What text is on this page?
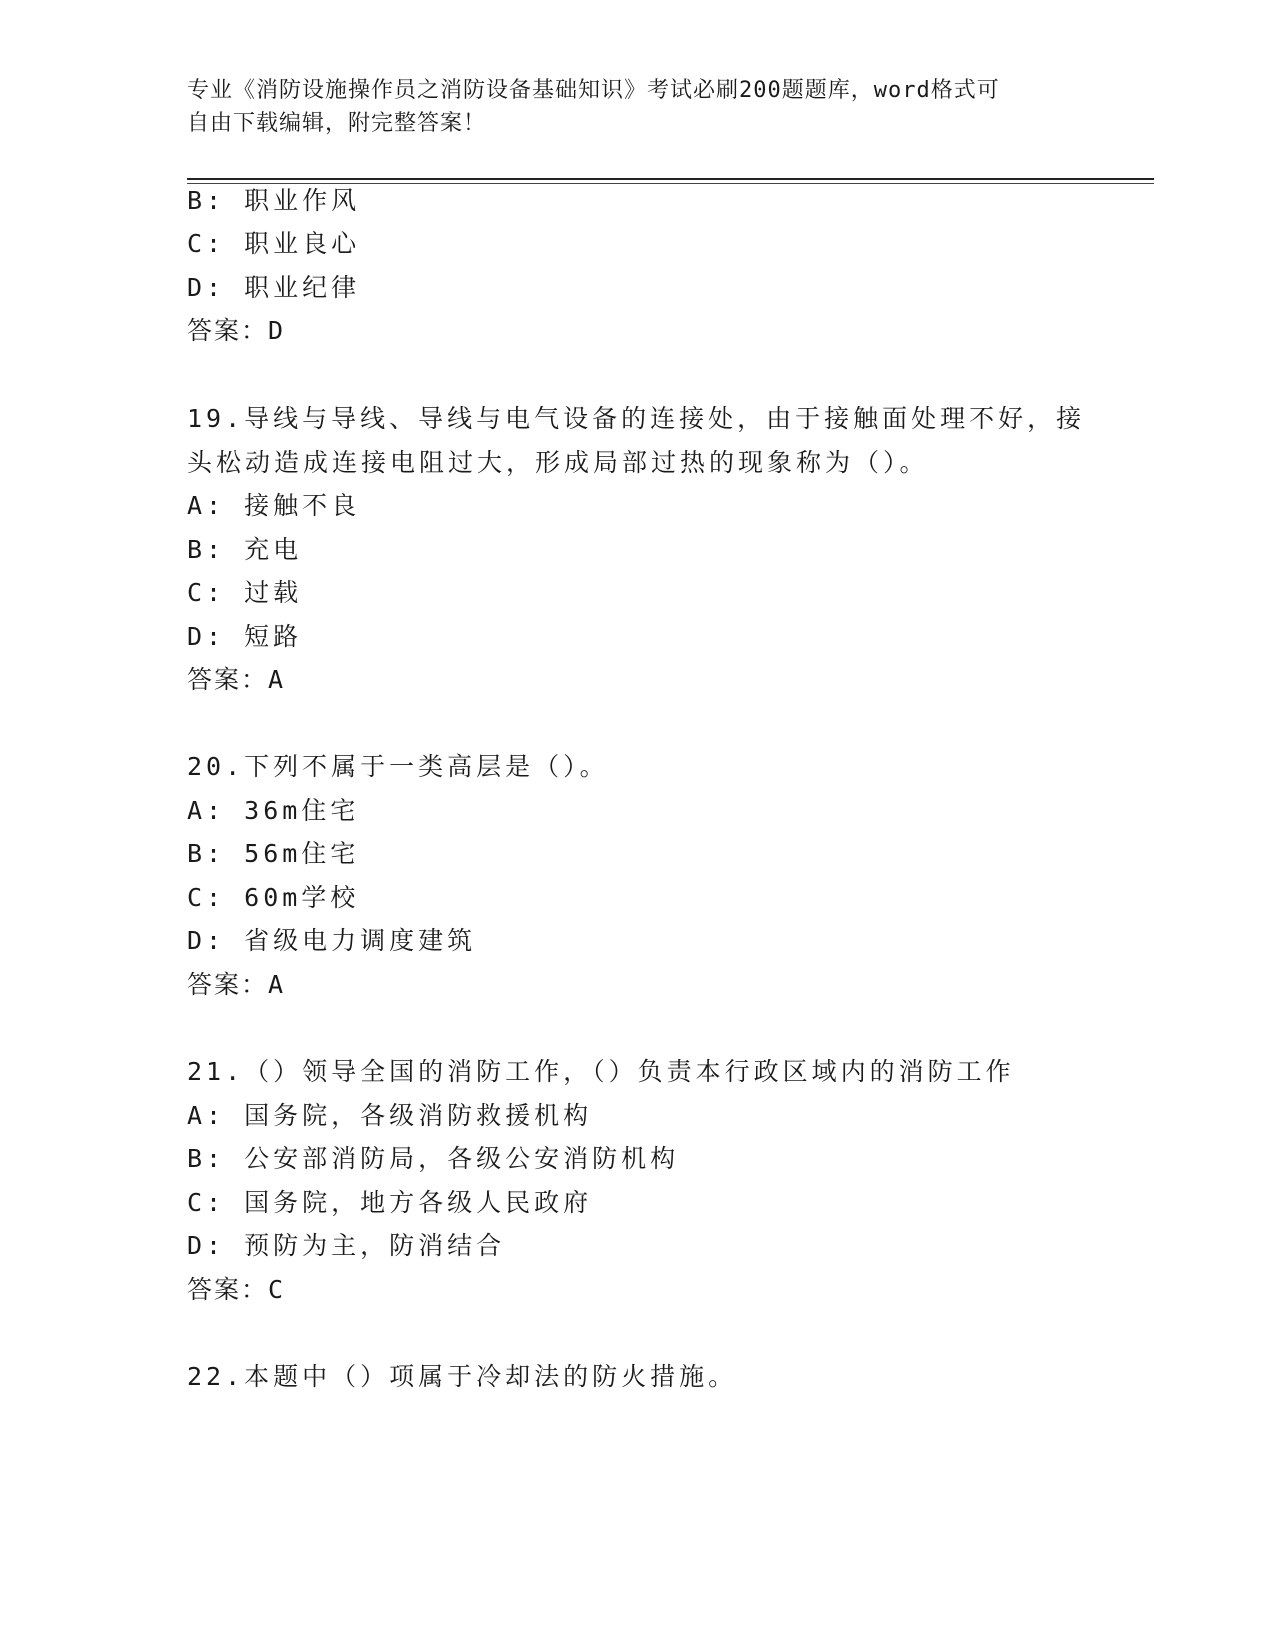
专业《消防设施操作员之消防设备基础知识》考试必刷200题题库，word格式可
自由下载编辑，附完整答案！
B: 职业作风
C: 职业良心
D: 职业纪律
答案：D
19.导线与导线、导线与电气设备的连接处，由于接触面处理不好，接
头松动造成连接电阻过大，形成局部过热的现象称为（）。
A: 接触不良
B: 充电
C: 过载
D: 短路
答案：A
20.下列不属于一类高层是（）。
A: 36m住宅
B: 56m住宅
C: 60m学校
D: 省级电力调度建筑
答案：A
21.（）领导全国的消防工作，（）负责本行政区域内的消防工作
A: 国务院，各级消防救援机构
B: 公安部消防局，各级公安消防机构
C: 国务院，地方各级人民政府
D: 预防为主，防消结合
答案：C
22.本题中（）项属于冷却法的防火措施。
